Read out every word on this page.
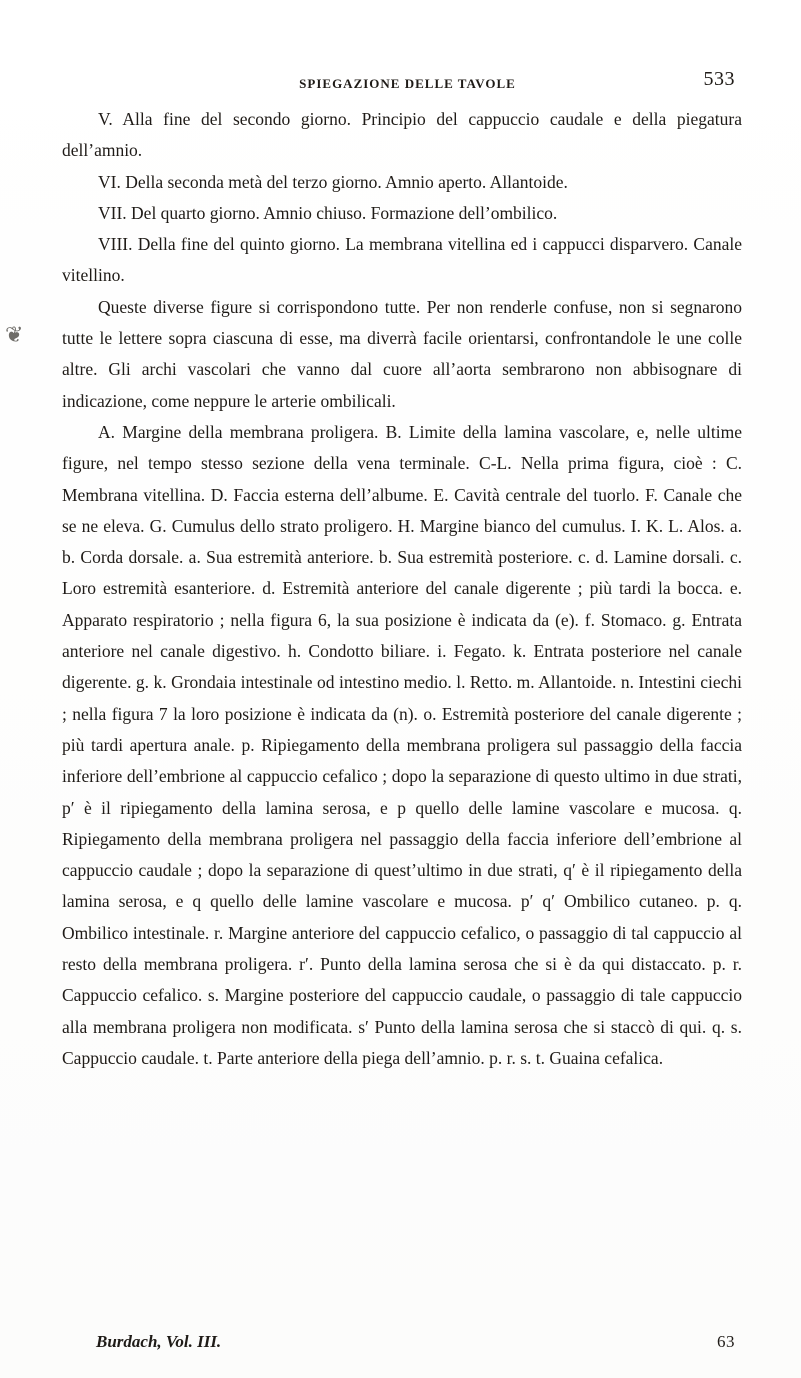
SPIEGAZIONE DELLE TAVOLE	533
❦

V. Alla fine del secondo giorno. Principio del cappuccio caudale e della piegatura dell’amnio.

VI. Della seconda metà del terzo giorno. Amnio aperto. Allantoide.

VII. Del quarto giorno. Amnio chiuso. Formazione dell’ombilico.

VIII. Della fine del quinto giorno. La membrana vitellina ed i cappucci disparvero. Canale vitellino.

Queste diverse figure si corrispondono tutte. Per non renderle confuse, non si segnarono tutte le lettere sopra ciascuna di esse, ma diverrà facile orientarsi, confrontandole le une colle altre. Gli archi vascolari che vanno dal cuore all’aorta sembrarono non abbisognare di indicazione, come neppure le arterie ombilicali.

A. Margine della membrana proligera. B. Limite della lamina vascolare, e, nelle ultime figure, nel tempo stesso sezione della vena terminale. C-L. Nella prima figura, cioè : C. Membrana vitellina. D. Faccia esterna dell’albume. E. Cavità centrale del tuorlo. F. Canale che se ne eleva. G. Cumulus dello strato proligero. H. Margine bianco del cumulus. I. K. L. Alos. a. b. Corda dorsale. a. Sua estremità anteriore. b. Sua estremità posteriore. c. d. Lamine dorsali. c. Loro estremità esanteriore. d. Estremità anteriore del canale digerente ; più tardi la bocca. e. Apparato respiratorio ; nella figura 6, la sua posizione è indicata da (e). f. Stomaco. g. Entrata anteriore nel canale digestivo. h. Condotto biliare. i. Fegato. k. Entrata posteriore nel canale digerente. g. k. Grondaia intestinale od intestino medio. l. Retto. m. Allantoide. n. Intestini ciechi ; nella figura 7 la loro posizione è indicata da (n). o. Estremità posteriore del canale digerente ; più tardi apertura anale. p. Ripiegamento della membrana proligera sul passaggio della faccia inferiore dell’embrione al cappuccio cefalico ; dopo la separazione di questo ultimo in due strati, p′ è il ripiegamento della lamina serosa, e p quello delle lamine vascolare e mucosa. q. Ripiegamento della membrana proligera nel passaggio della faccia inferiore dell’embrione al cappuccio caudale ; dopo la separazione di quest’ultimo in due strati, q′ è il ripiegamento della lamina serosa, e q quello delle lamine vascolare e mucosa. p′ q′ Ombilico cutaneo. p. q. Ombilico intestinale. r. Margine anteriore del cappuccio cefalico, o passaggio di tal cappuccio al resto della membrana proligera. r′. Punto della lamina serosa che si è da qui distaccato. p. r. Cappuccio cefalico. s. Margine posteriore del cappuccio caudale, o passaggio di tale cappuccio alla membrana proligera non modificata. s′ Punto della lamina serosa che si staccò di qui. q. s. Cappuccio caudale. t. Parte anteriore della piega dell’amnio. p. r. s. t. Guaina cefalica.

Burdach, Vol. III.	63
